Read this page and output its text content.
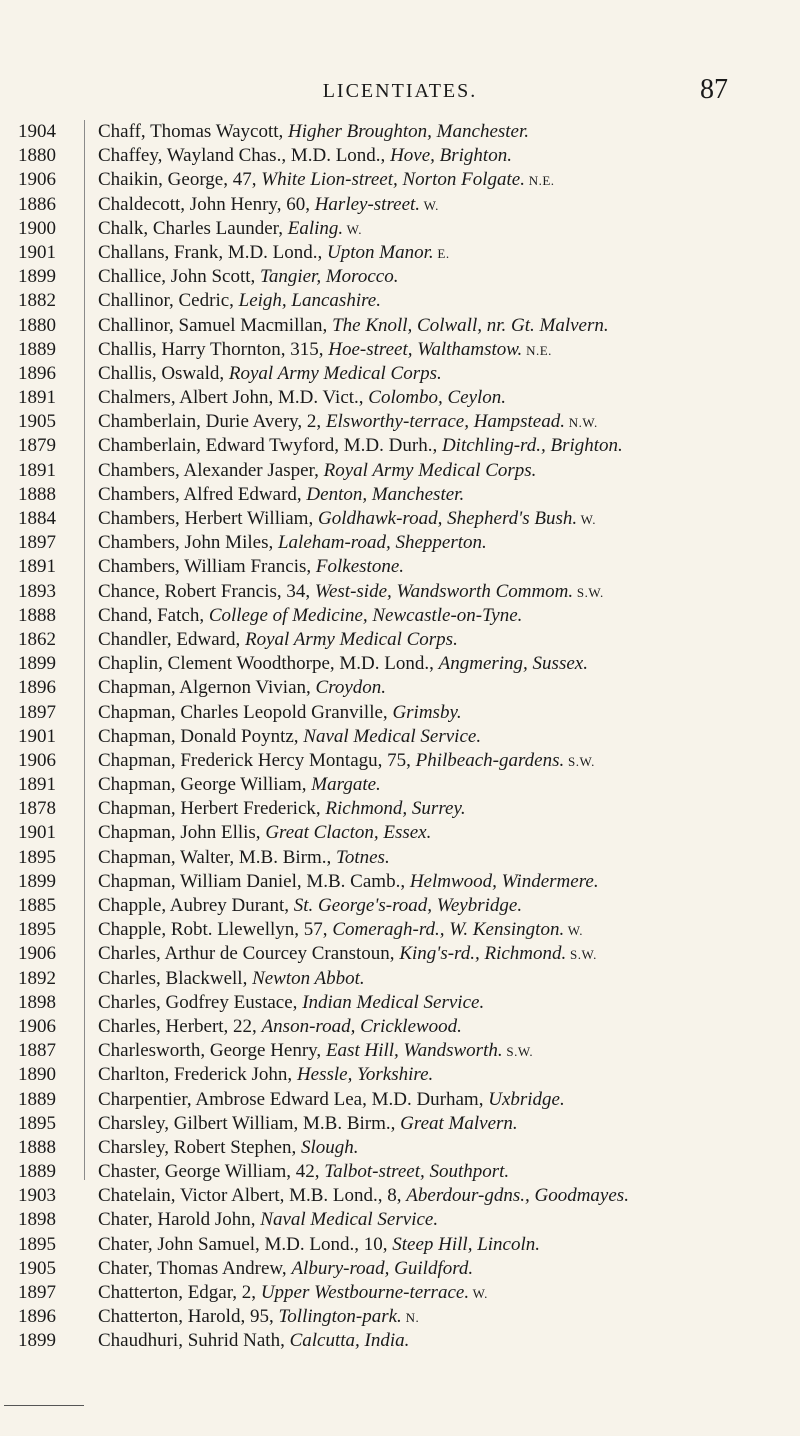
LICENTIATES.	87
1904	Chaff, Thomas Waycott, Higher Broughton, Manchester.
1880	Chaffey, Wayland Chas., M.D. Lond., Hove, Brighton.
1906	Chaikin, George, 47, White Lion-street, Norton Folgate. N.E.
1886	Chaldecott, John Henry, 60, Harley-street. W.
1900	Chalk, Charles Launder, Ealing. W.
1901	Challans, Frank, M.D. Lond., Upton Manor. E.
1899	Challice, John Scott, Tangier, Morocco.
1882	Challinor, Cedric, Leigh, Lancashire.
1880	Challinor, Samuel Macmillan, The Knoll, Colwall, nr. Gt. Malvern.
1889	Challis, Harry Thornton, 315, Hoe-street, Walthamstow. N.E.
1896	Challis, Oswald, Royal Army Medical Corps.
1891	Chalmers, Albert John, M.D. Vict., Colombo, Ceylon.
1905	Chamberlain, Durie Avery, 2, Elsworthy-terrace, Hampstead. N.W.
1879	Chamberlain, Edward Twyford, M.D. Durh., Ditchling-rd., Brighton.
1891	Chambers, Alexander Jasper, Royal Army Medical Corps.
1888	Chambers, Alfred Edward, Denton, Manchester.
1884	Chambers, Herbert William, Goldhawk-road, Shepherd's Bush. W.
1897	Chambers, John Miles, Laleham-road, Shepperton.
1891	Chambers, William Francis, Folkestone.
1893	Chance, Robert Francis, 34, West-side, Wandsworth Commom. S.W.
1888	Chand, Fatch, College of Medicine, Newcastle-on-Tyne.
1862	Chandler, Edward, Royal Army Medical Corps.
1899	Chaplin, Clement Woodthorpe, M.D. Lond., Angmering, Sussex.
1896	Chapman, Algernon Vivian, Croydon.
1897	Chapman, Charles Leopold Granville, Grimsby.
1901	Chapman, Donald Poyntz, Naval Medical Service.
1906	Chapman, Frederick Hercy Montagu, 75, Philbeach-gardens. S.W.
1891	Chapman, George William, Margate.
1878	Chapman, Herbert Frederick, Richmond, Surrey.
1901	Chapman, John Ellis, Great Clacton, Essex.
1895	Chapman, Walter, M.B. Birm., Totnes.
1899	Chapman, William Daniel, M.B. Camb., Helmwood, Windermere.
1885	Chapple, Aubrey Durant, St. George's-road, Weybridge.
1895	Chapple, Robt. Llewellyn, 57, Comeragh-rd., W. Kensington. W.
1906	Charles, Arthur de Courcey Cranstoun, King's-rd., Richmond. S.W.
1892	Charles, Blackwell, Newton Abbot.
1898	Charles, Godfrey Eustace, Indian Medical Service.
1906	Charles, Herbert, 22, Anson-road, Cricklewood.
1887	Charlesworth, George Henry, East Hill, Wandsworth. S.W.
1890	Charlton, Frederick John, Hessle, Yorkshire.
1889	Charpentier, Ambrose Edward Lea, M.D. Durham, Uxbridge.
1895	Charsley, Gilbert William, M.B. Birm., Great Malvern.
1888	Charsley, Robert Stephen, Slough.
1889	Chaster, George William, 42, Talbot-street, Southport.
1903	Chatelain, Victor Albert, M.B. Lond., 8, Aberdour-gdns., Goodmayes.
1898	Chater, Harold John, Naval Medical Service.
1895	Chater, John Samuel, M.D. Lond., 10, Steep Hill, Lincoln.
1905	Chater, Thomas Andrew, Albury-road, Guildford.
1897	Chatterton, Edgar, 2, Upper Westbourne-terrace. W.
1896	Chatterton, Harold, 95, Tollington-park. N.
1899	Chaudhuri, Suhrid Nath, Calcutta, India.
